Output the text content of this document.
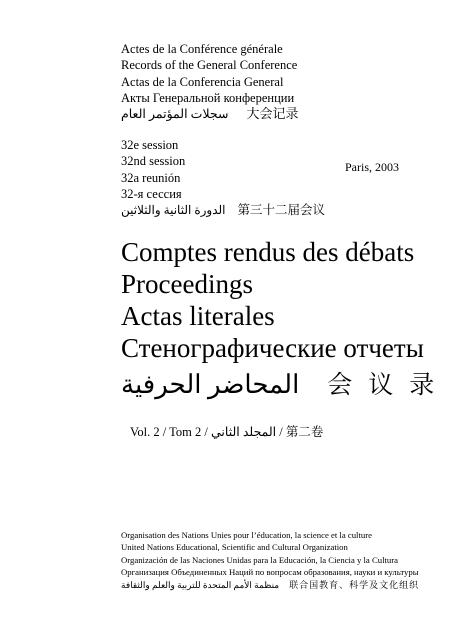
Actes de la Conférence générale
Records of the General Conference
Actas de la Conferencia General
Акты Генеральной конференции
سجلات المؤتمر العام 大会记录
32e session
32nd session
32a reunión
32-я сессия
الدورة الثانية والثلاثين 第三十二届会议
Paris, 2003
Comptes rendus des débats
Proceedings
Actas literales
Стенографические отчеты
المحاضر الحرفية 会议录
Vol. 2 / Tom 2 / المجلد الثاني / 第二卷
Organisation des Nations Unies pour l’éducation, la science et la culture
United Nations Educational, Scientific and Cultural Organization
Organización de las Naciones Unidas para la Educación, la Ciencia y la Cultura
Организация Объединенных Наций по вопросам образования, науки и культуры
منظمة الأمم المتحدة للتربية والعلم والثقافة 联合国教育、科学及文化组织
